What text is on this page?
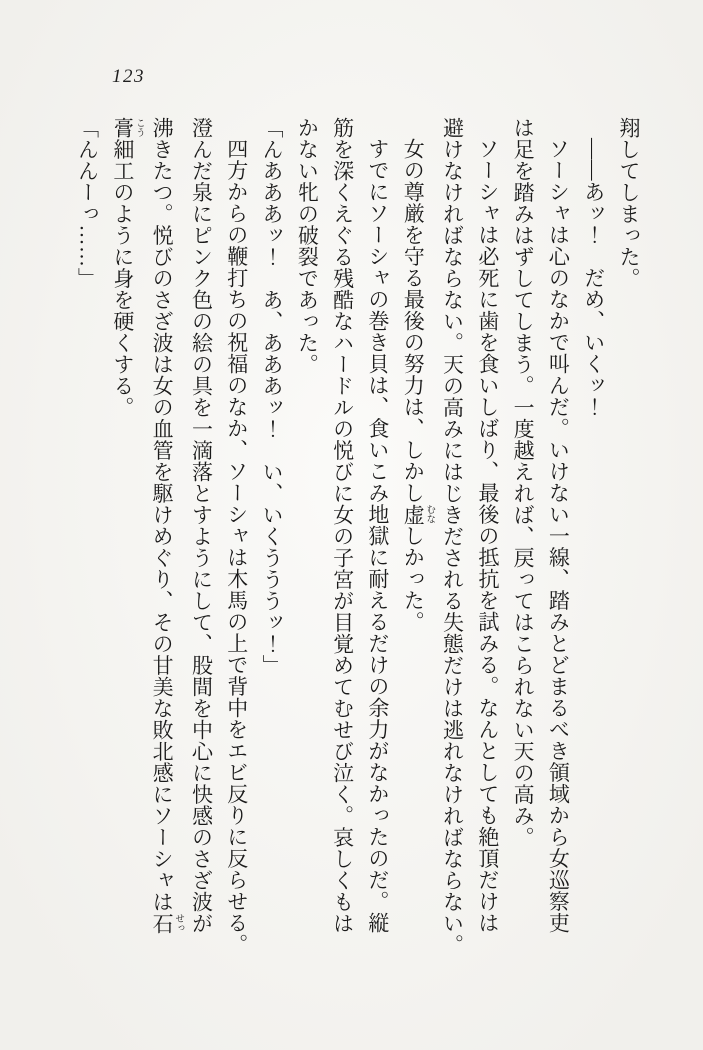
123

翔してしまった。

――あッ！　だめ、いくッ！

ソーシャは心のなかで叫んだ。いけない一線、踏みとどまるべき領域から女巡察吏

は足を踏みはずしてしまう。一度越えれば、戻ってはこられない天の高み。

ソーシャは必死に歯を食いしばり、最後の抵抗を試みる。なんとしても絶頂だけは

避けなければならない。天の高みにはじきだされる失態だけは逃れなければならない。

女の尊厳を守る最後の努力は、しかし虚 むなしかった。

すでにソーシャの巻き貝は、食いこみ地獄に耐えるだけの余力がなかったのだ。縦

筋を深くえぐる残酷なハードルの悦びに女の子宮が目覚めてむせび泣く。哀しくもは

かない牝の破裂であった。

「んあああッ！　あ、あああッ！　い、いくうううッ！」

四方からの鞭打ちの祝福のなか、ソーシャは木馬の上で背中をエビ反りに反らせる。

澄んだ泉にピンク色の絵の具を一滴落とすようにして、股間を中心に快感のさざ波が

沸きたつ。悦びのさざ波は女の血管を駆けめぐり、その甘美な敗北感にソーシャは石 せっ

膏 こう細工のように身を硬くする。

「んんーっ……」
